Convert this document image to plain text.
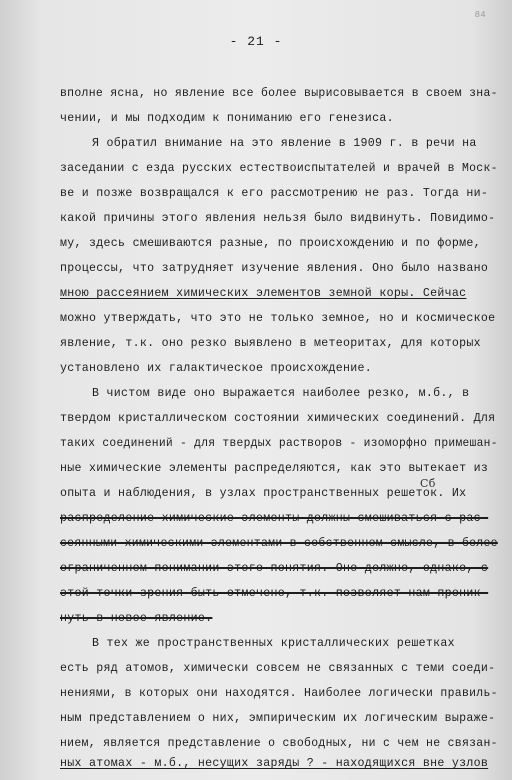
84
- 21 -
вполне ясна, но явление все более вырисовывается в своем зна-
чении, и мы подходим к пониманию его генезиса.
Я обратил внимание на это явление в 1909 г. в речи на
заседании с езда русских естествоиспытателей и врачей в Моск-
ве и позже возвращался к его рассмотрению не раз. Тогда ни-
какой причины этого явления нельзя было видвинуть. Повидимо-
му, здесь смешиваются разные, по происхождению и по форме,
процессы, что затрудняет изучение явления. Оно было названо
мною рассеянием химических элементов земной коры. Сейчас
можно утверждать, что это не только земное, но и космическое
явление, т.к. оно резко выявлено в метеоритах, для которых
установлено их галактическое происхождение.
В чистом виде оно выражается наиболее резко, м.б., в
твердом кристаллическом состоянии химических соединений. Для
таких соединений - для твердых растворов - изоморфно примешан-
ные химические элементы распределяются, как это вытекает из
опыта и наблюдения, в узлах пространственных решеток. Их
Сб
распределение химические элементы должны смешиваться с рас-
сеянными химическими элементами в собственном смысле, в более
ограниченном понимании этого понятия. Оно должно, однако, с
этой точки зрения быть отмечено, т.к. позволяет нам проник-
нуть в новое явление.
В тех же пространственных кристаллических решетках
есть ряд атомов, химически совсем не связанных с теми соеди-
нениями, в которых они находятся. Наиболее логически правиль-
ным представлением о них, эмпирическим их логическим выраже-
нием, является представление о свободных, ни с чем не связан-
ных атомах - м.б., несущих заряды ? - находящихся вне узлов
